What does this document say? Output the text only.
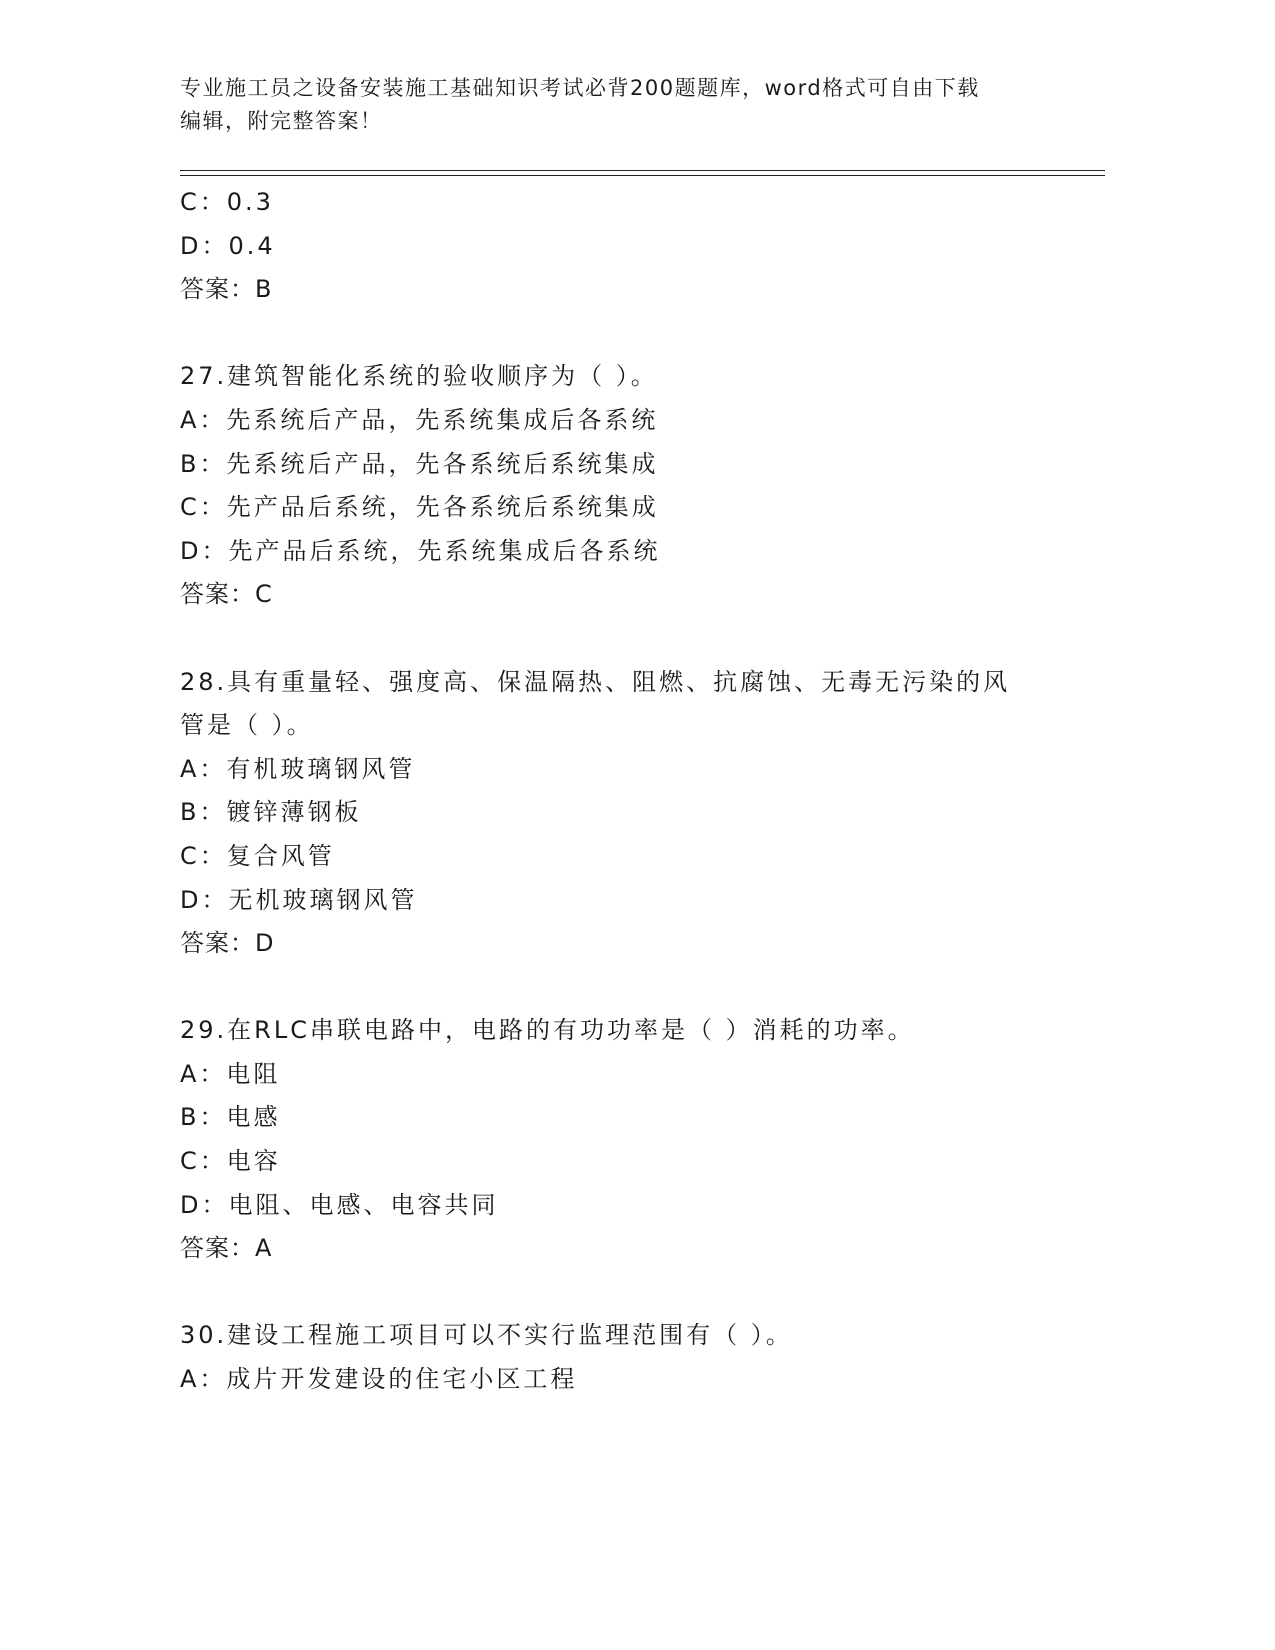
专业施工员之设备安装施工基础知识考试必背200题题库，word格式可自由下载
编辑，附完整答案！
C：0.3
D：0.4
答案：B
27.建筑智能化系统的验收顺序为（ ）。
A：先系统后产品，先系统集成后各系统
B：先系统后产品，先各系统后系统集成
C：先产品后系统，先各系统后系统集成
D：先产品后系统，先系统集成后各系统
答案：C
28.具有重量轻、强度高、保温隔热、阻燃、抗腐蚀、无毒无污染的风
管是（ ）。
A：有机玻璃钢风管
B：镀锌薄钢板
C：复合风管
D：无机玻璃钢风管
答案：D
29.在RLC串联电路中，电路的有功功率是（ ）消耗的功率。
A：电阻
B：电感
C：电容
D：电阻、电感、电容共同
答案：A
30.建设工程施工项目可以不实行监理范围有（ ）。
A：成片开发建设的住宅小区工程
